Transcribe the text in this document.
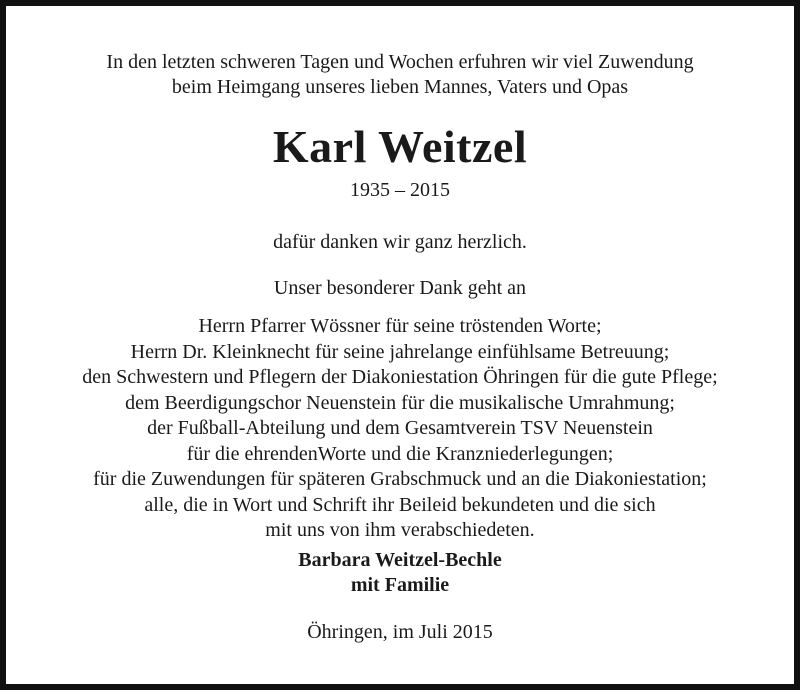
In den letzten schweren Tagen und Wochen erfuhren wir viel Zuwendung
beim Heimgang unseres lieben Mannes, Vaters und Opas
Karl Weitzel
1935 – 2015
dafür danken wir ganz herzlich.
Unser besonderer Dank geht an
Herrn Pfarrer Wössner für seine tröstenden Worte;
Herrn Dr. Kleinknecht für seine jahrelange einfühlsame Betreuung;
den Schwestern und Pflegern der Diakoniestation Öhringen für die gute Pflege;
dem Beerdigungschor Neuenstein für die musikalische Umrahmung;
der Fußball-Abteilung und dem Gesamtverein TSV Neuenstein
für die ehrendenWorte und die Kranzniederlegungen;
für die Zuwendungen für späteren Grabschmuck und an die Diakoniestation;
alle, die in Wort und Schrift ihr Beileid bekundeten und die sich
mit uns von ihm verabschiedeten.
Barbara Weitzel-Bechle
mit Familie
Öhringen, im Juli 2015
